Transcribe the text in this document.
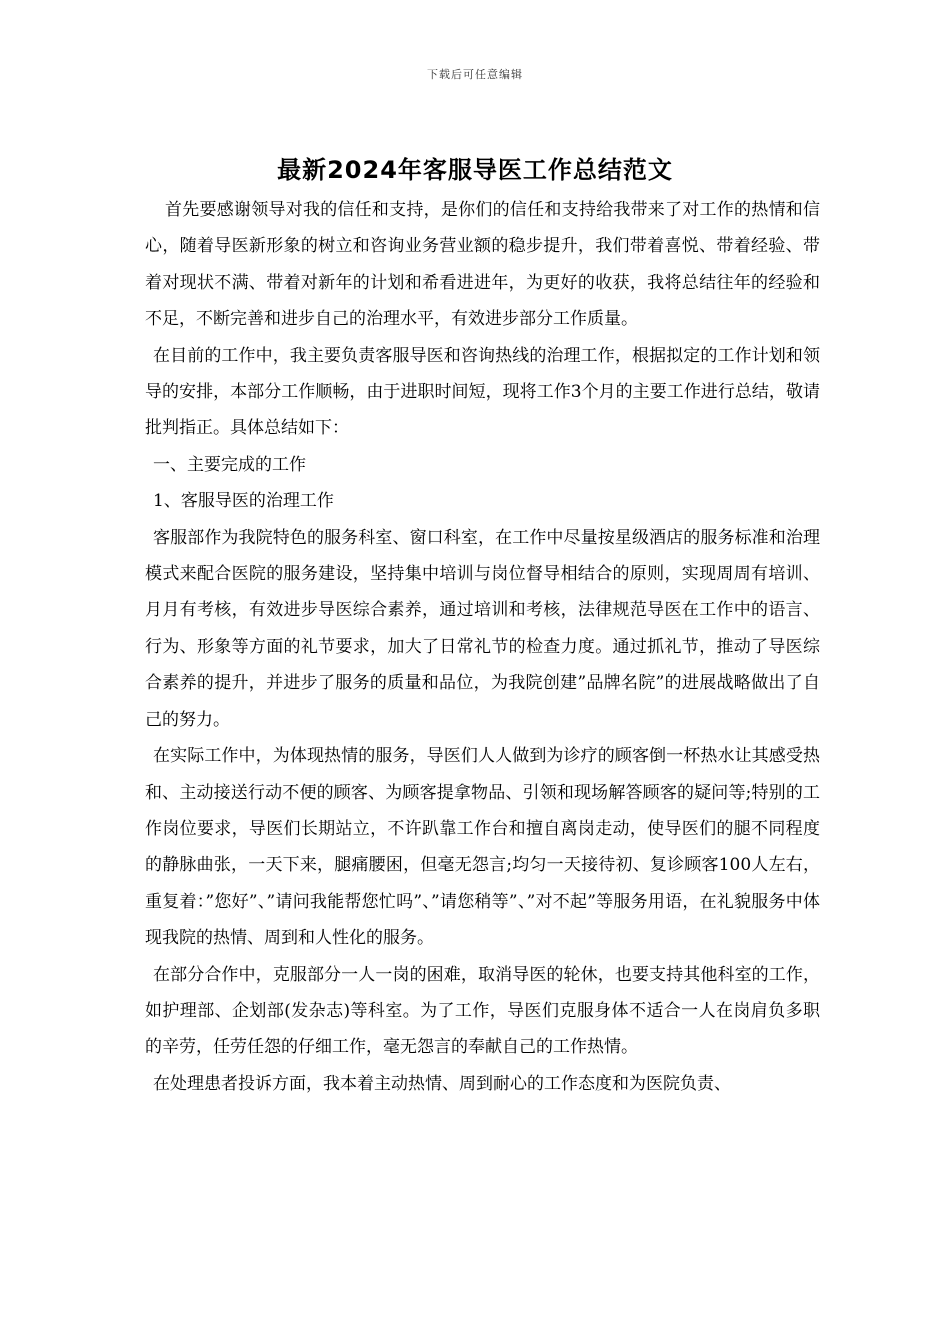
下载后可任意编辑
最新2024年客服导医工作总结范文

首先要感谢领导对我的信任和支持，是你们的信任和支持给我带来了对工作的热情和信心，随着导医新形象的树立和咨询业务营业额的稳步提升，我们带着喜悦、带着经验、带着对现状不满、带着对新年的计划和希看进进年，为更好的收获，我将总结往年的经验和不足，不断完善和进步自己的治理水平，有效进步部分工作质量。

在目前的工作中，我主要负责客服导医和咨询热线的治理工作，根据拟定的工作计划和领导的安排，本部分工作顺畅，由于进职时间短，现将工作3个月的主要工作进行总结，敬请批判指正。具体总结如下：

一、主要完成的工作

1、客服导医的治理工作

客服部作为我院特色的服务科室、窗口科室，在工作中尽量按星级酒店的服务标准和治理模式来配合医院的服务建设，坚持集中培训与岗位督导相结合的原则，实现周周有培训、月月有考核，有效进步导医综合素养，通过培训和考核，法律规范导医在工作中的语言、行为、形象等方面的礼节要求，加大了日常礼节的检查力度。通过抓礼节，推动了导医综合素养的提升，并进步了服务的质量和品位，为我院创建”品牌名院”的进展战略做出了自己的努力。

在实际工作中，为体现热情的服务，导医们人人做到为诊疗的顾客倒一杯热水让其感受热和、主动接送行动不便的顾客、为顾客提拿物品、引领和现场解答顾客的疑问等;特别的工作岗位要求，导医们长期站立，不许趴靠工作台和擅自离岗走动，使导医们的腿不同程度的静脉曲张，一天下来，腿痛腰困，但毫无怨言;均匀一天接待初、复诊顾客100人左右，重复着：”您好”、”请问我能帮您忙吗”、”请您稍等”、”对不起”等服务用语，在礼貌服务中体现我院的热情、周到和人性化的服务。

在部分合作中，克服部分一人一岗的困难，取消导医的轮休，也要支持其他科室的工作，如护理部、企划部(发杂志)等科室。为了工作，导医们克服身体不适合一人在岗肩负多职的辛劳，任劳任怨的仔细工作，毫无怨言的奉献自己的工作热情。

在处理患者投诉方面，我本着主动热情、周到耐心的工作态度和为医院负责、
